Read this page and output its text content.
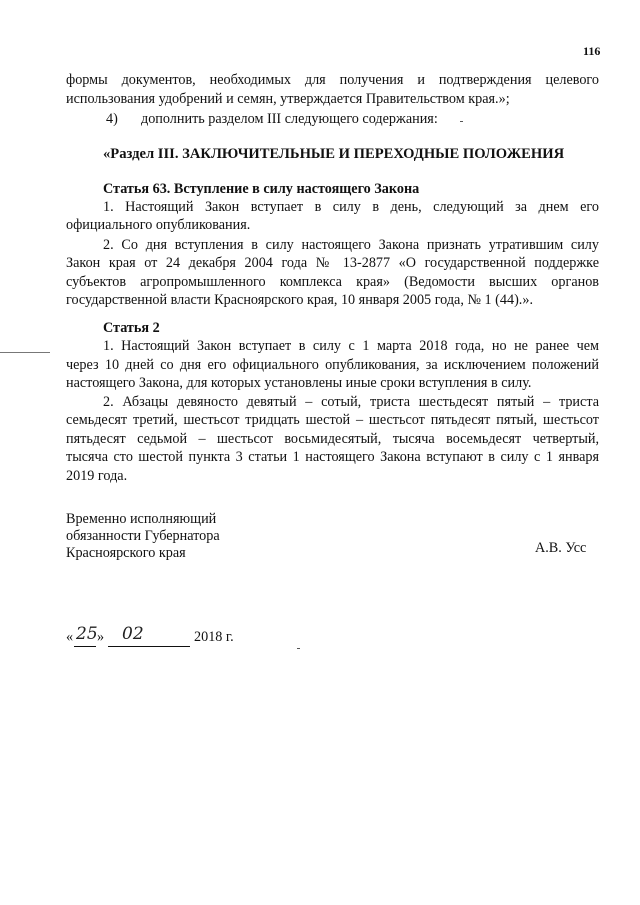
116
формы документов, необходимых для получения и подтверждения целевого
использования удобрений и семян, утверждается Правительством края.»;
4) дополнить разделом III следующего содержания:
«Раздел III. ЗАКЛЮЧИТЕЛЬНЫЕ И ПЕРЕХОДНЫЕ ПОЛОЖЕНИЯ
Статья 63. Вступление в силу настоящего Закона
1. Настоящий Закон вступает в силу в день, следующий за днем его
официального опубликования.
2. Со дня вступления в силу настоящего Закона признать утратившим силу
Закон края от 24 декабря 2004 года № 13-2877 «О государственной поддержке
субъектов агропромышленного комплекса края» (Ведомости высших органов
государственной власти Красноярского края, 10 января 2005 года, № 1 (44).».
Статья 2
1. Настоящий Закон вступает в силу с 1 марта 2018 года, но не ранее чем
через 10 дней со дня его официального опубликования, за исключением положений
настоящего Закона, для которых установлены иные сроки вступления в силу.
2. Абзацы девяносто девятый – сотый, триста шестьдесят пятый – триста
семьдесят третий, шестьсот тридцать шестой – шестьсот пятьдесят пятый, шестьсот
пятьдесят седьмой – шестьсот восьмидесятый, тысяча восемьдесят четвертый,
тысяча сто шестой пункта 3 статьи 1 настоящего Закона вступают в силу с 1 января
2019 года.
Временно исполняющий
обязанности Губернатора
Красноярского края	А.В. Усс
« 25 » 02	2018 г.
